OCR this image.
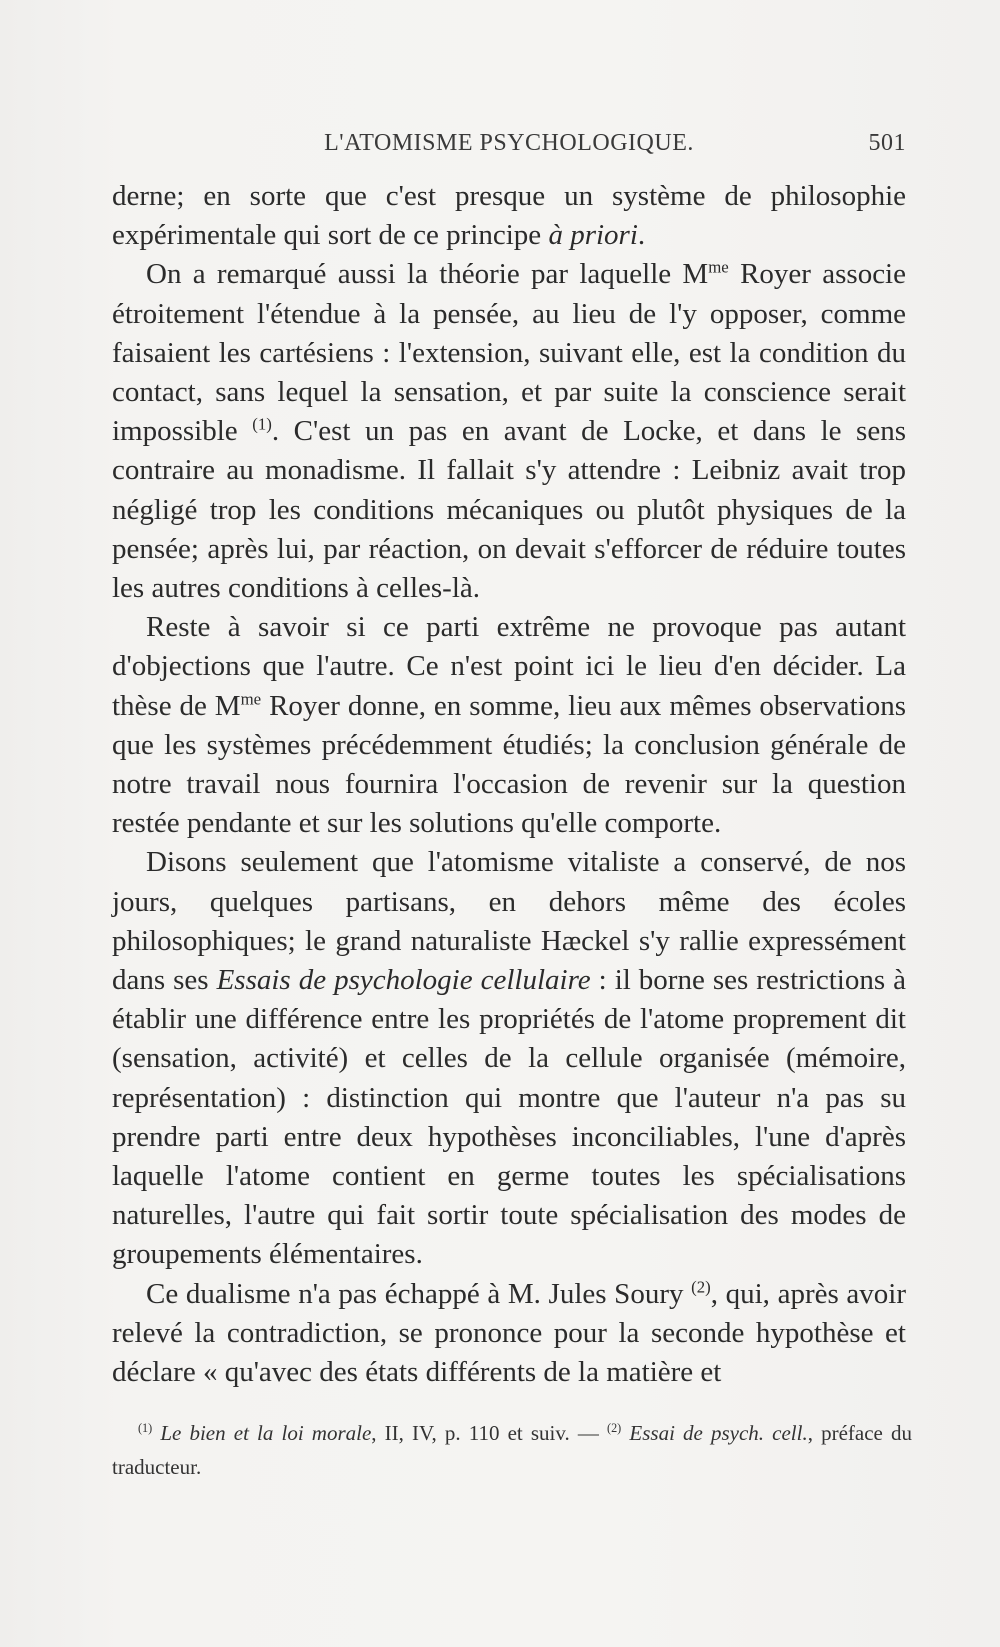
L'ATOMISME PSYCHOLOGIQUE.	501

derne; en sorte que c'est presque un système de philosophie expérimentale qui sort de ce principe à priori.

On a remarqué aussi la théorie par laquelle $M^{me}$ Royer associe étroitement l'étendue à la pensée, au lieu de l'y opposer, comme faisaient les cartésiens : l'extension, suivant elle, est la condition du contact, sans lequel la sensation, et par suite la conscience serait impossible $^{(1)}$. C'est un pas en avant de Locke, et dans le sens contraire au monadisme. Il fallait s'y attendre : Leibniz avait trop négligé trop les conditions mécaniques ou plutôt physiques de la pensée; après lui, par réaction, on devait s'efforcer de réduire toutes les autres conditions à celles-là.

Reste à savoir si ce parti extrême ne provoque pas autant d'objections que l'autre. Ce n'est point ici le lieu d'en décider. La thèse de $M^{me}$ Royer donne, en somme, lieu aux mêmes observations que les systèmes précédemment étudiés; la conclusion générale de notre travail nous fournira l'occasion de revenir sur la question restée pendante et sur les solutions qu'elle comporte.

Disons seulement que l'atomisme vitaliste a conservé, de nos jours, quelques partisans, en dehors même des écoles philosophiques; le grand naturaliste Hæckel s'y rallie expressément dans ses Essais de psychologie cellulaire : il borne ses restrictions à établir une différence entre les propriétés de l'atome proprement dit (sensation, activité) et celles de la cellule organisée (mémoire, représentation) : distinction qui montre que l'auteur n'a pas su prendre parti entre deux hypothèses inconciliables, l'une d'après laquelle l'atome contient en germe toutes les spécialisations naturelles, l'autre qui fait sortir toute spécialisation des modes de groupements élémentaires.

Ce dualisme n'a pas échappé à M. Jules Soury $^{(2)}$, qui, après avoir relevé la contradiction, se prononce pour la seconde hypothèse et déclare « qu'avec des états différents de la matière et

$^{(1)}$ Le bien et la loi morale, II, IV, p. 110 et suiv. — $^{(2)}$ Essai de psych. cell., préface du traducteur.
